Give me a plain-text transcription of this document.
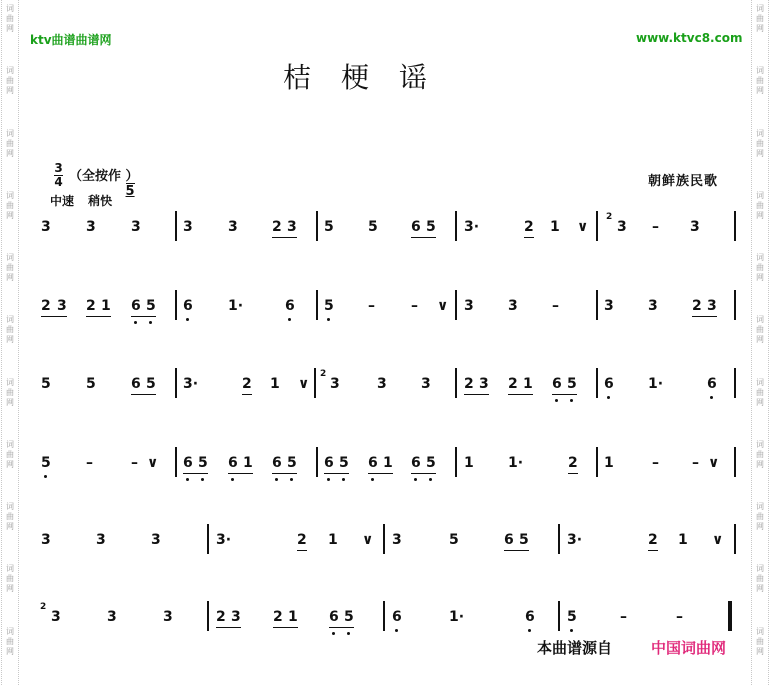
词
曲
网
词
曲
网
词
曲
网
词
曲
网
词
曲
网
词
曲
网
词
曲
网
词
曲
网
词
曲
网
词
曲
网
词
曲
网
词
曲
网
词
曲
网
词
曲
网
词
曲
网
词
曲
网
词
曲
网
词
曲
网
词
曲
网
词
曲
网
词
曲
网
词
曲
网
ktv曲谱曲谱网	www.ktvc8.com
桔梗谣
3
4 （全按作
5
）
中速 稍快
朝鲜族民歌
3	3	3	3	3 2 3 5 5 6 5 3·	2 1 ∨
2
3 – 3
2 3 2 1 6 5 6	1·	6 5 –	– ∨ 3 3 –	3 3 2 3
5	5	6 5 3·	2 1 ∨
2
3	3 3 2 3 2 1 6 5 6 1·	6
5	–	– ∨ 6 5 6 1 6 5 6 5 6 1 6 5 1 1·	2 1	– – ∨
3	3	3	3·	2 1 ∨ 3	5	6 5	3·	2 1 ∨
2
3	3	3	2 3 2 1 6 5	6	1·	6 5	–	–
本曲谱源自	中国词曲网
